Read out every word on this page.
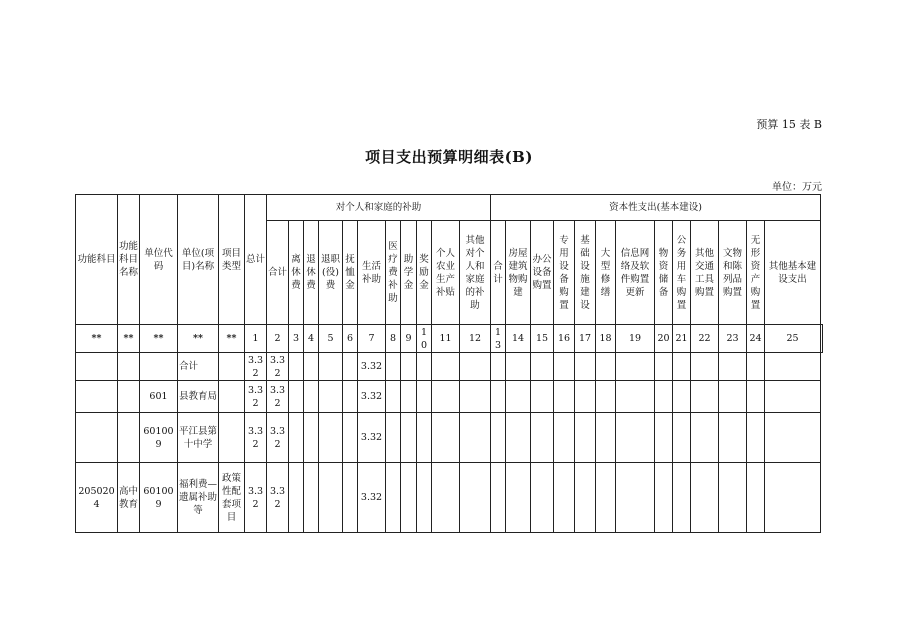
预算 15 表 B
项目支出预算明细表(B)
单位：万元
功能科目	功能科目名称	单位代码	单位(项目)名称	项目类型	总计	对个人和家庭的补助											资本性支出(基本建设)													
						合计	离休费	退休费	退职(役)费	抚恤金	生活补助	医疗费补助	助学金	奖励金	个人农业生产补贴	其他对个人和家庭的补助	合计	房屋建筑物购建	办公设备购置	专用设备购置	基础设施建设	大型修缮	信息网络及软件购置更新	物资储备	公务用车购置	其他交通工具购置	文物和陈列品购置	无形资产购置	其他基本建设支出	
**	**	**	**	**	1	2	3	4	5	6	7	8	9	10	11	12	13	14	15	16	17	18	19	20	21	22	23	24	25	
			合计		3.32	3.32					3.32																			
		601	县教育局		3.32	3.32					3.32																			
		601009	平江县第十中学		3.32	3.32					3.32																			
2050204	高中教育	601009	福利费—遗属补助等	政策性配套项目	3.32	3.32					3.32																			
